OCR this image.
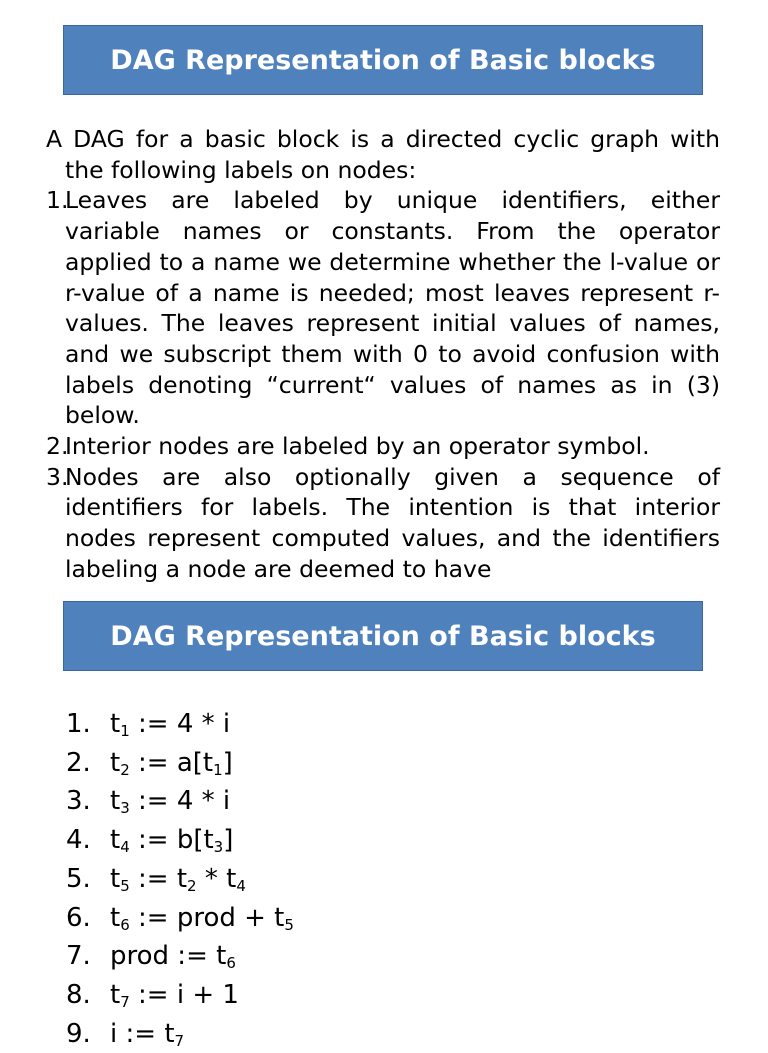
DAG Representation of Basic blocks

A DAG for a basic block is a directed cyclic graph with the following labels on nodes:

1.
Leaves are labeled by unique identifiers, either variable names or constants. From the operator applied to a name we determine whether the l-value or r-value of a name is needed; most leaves represent r-values. The leaves represent initial values of names, and we subscript them with 0 to avoid confusion with labels denoting “current“ values of names as in (3) below.
2.
Interior nodes are labeled by an operator symbol.
3.
Nodes are also optionally given a sequence of identifiers for labels. The intention is that interior nodes represent computed values, and the identifiers labeling a node are deemed to have
DAG Representation of Basic blocks
1. $t_1$ := 4 * i
2. $t_2$ := $a[t_1]$
3. $t_3$ := 4 * i
4. $t_4$ := $b[t_3]$
5. $t_5$ := $t_2 * t_4$
6. $t_6$ := prod + $t_5$
7. prod := $t_6$
8. $t_7$ := i + 1
9. i := $t_7$
